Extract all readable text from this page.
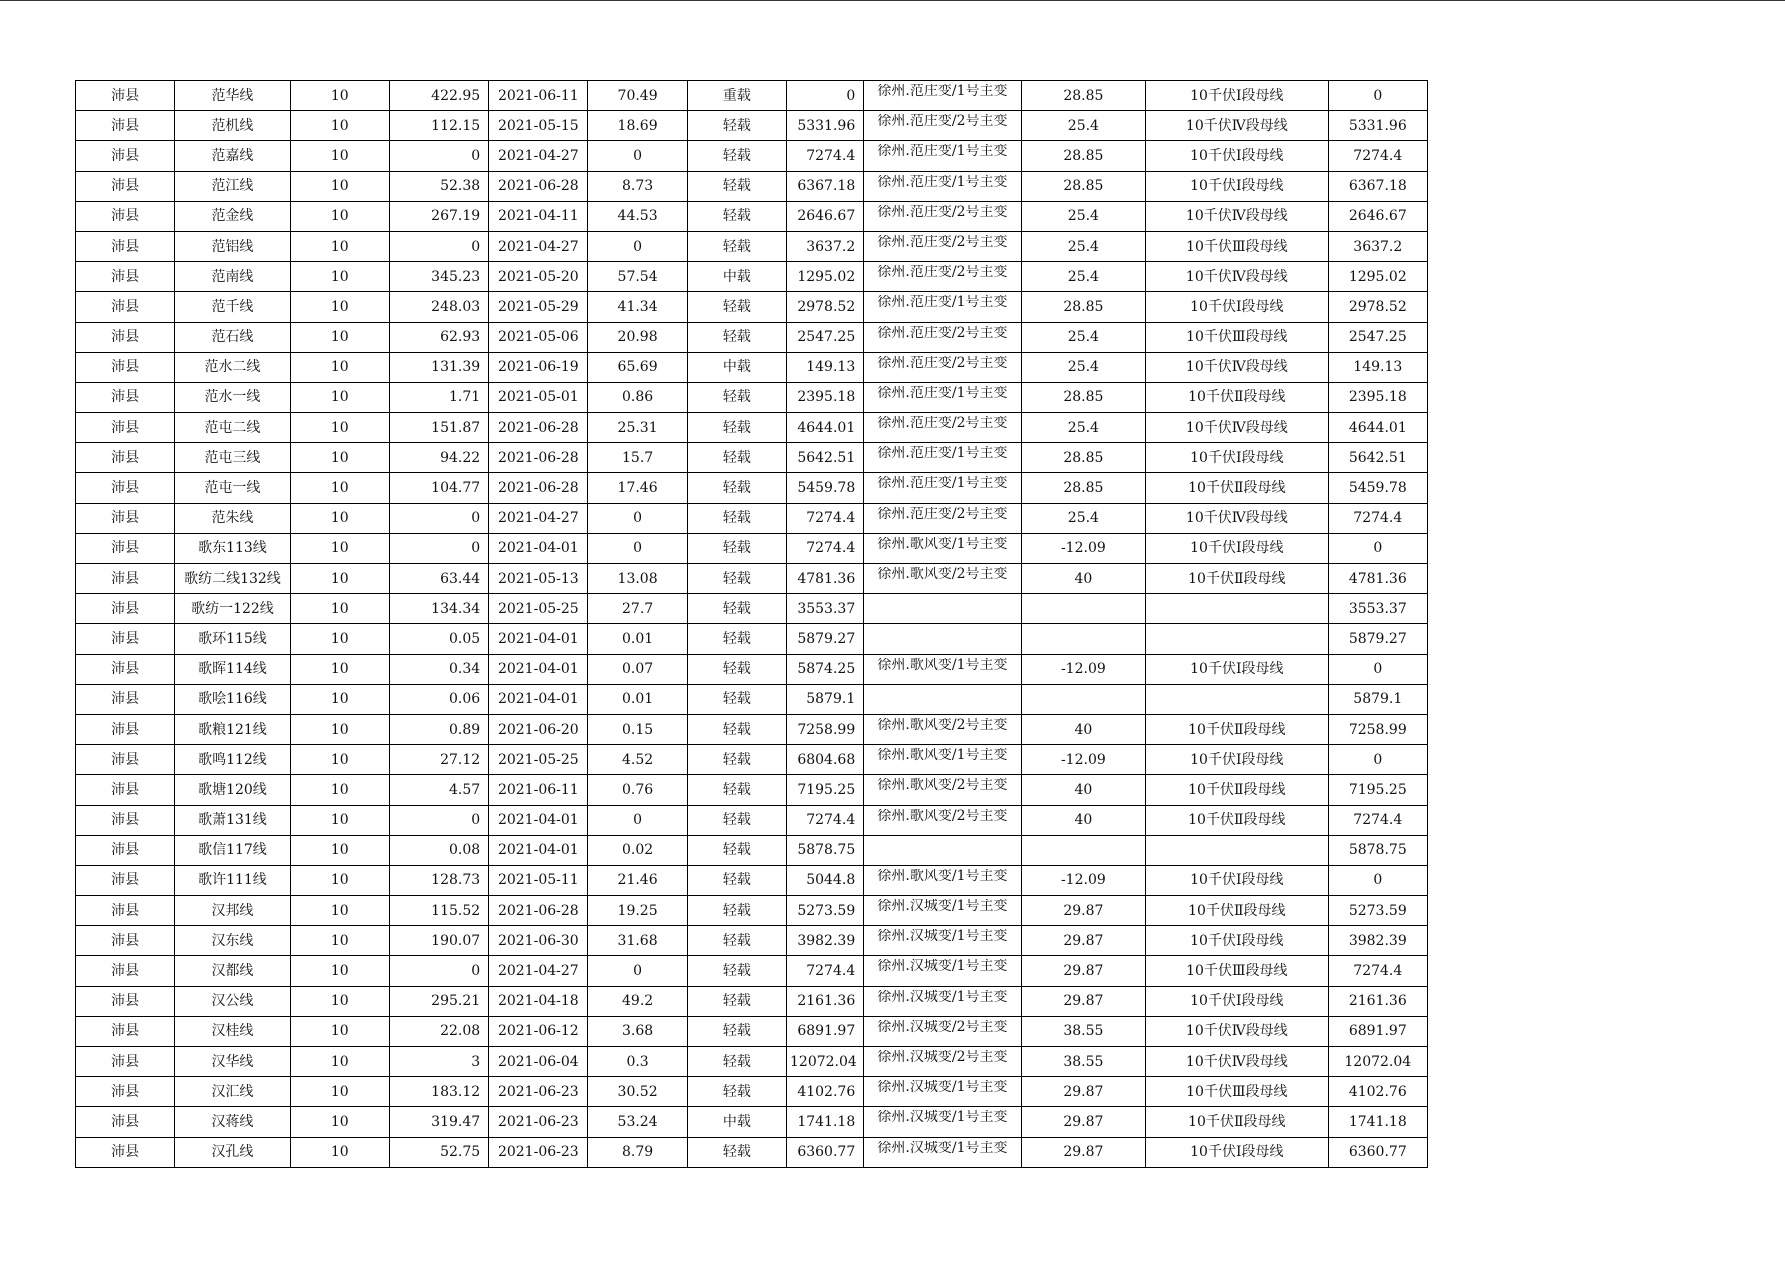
沛县	范华线	10	422.95	2021-06-11	70.49	重载	0	徐州.范庄变/1号主变	28.85	10千伏Ⅰ段母线	0
沛县	范机线	10	112.15	2021-05-15	18.69	轻载	5331.96	徐州.范庄变/2号主变	25.4	10千伏Ⅳ段母线	5331.96
沛县	范嘉线	10	0	2021-04-27	0	轻载	7274.4	徐州.范庄变/1号主变	28.85	10千伏Ⅰ段母线	7274.4
沛县	范江线	10	52.38	2021-06-28	8.73	轻载	6367.18	徐州.范庄变/1号主变	28.85	10千伏Ⅰ段母线	6367.18
沛县	范金线	10	267.19	2021-04-11	44.53	轻载	2646.67	徐州.范庄变/2号主变	25.4	10千伏Ⅳ段母线	2646.67
沛县	范铝线	10	0	2021-04-27	0	轻载	3637.2	徐州.范庄变/2号主变	25.4	10千伏Ⅲ段母线	3637.2
沛县	范南线	10	345.23	2021-05-20	57.54	中载	1295.02	徐州.范庄变/2号主变	25.4	10千伏Ⅳ段母线	1295.02
沛县	范千线	10	248.03	2021-05-29	41.34	轻载	2978.52	徐州.范庄变/1号主变	28.85	10千伏Ⅰ段母线	2978.52
沛县	范石线	10	62.93	2021-05-06	20.98	轻载	2547.25	徐州.范庄变/2号主变	25.4	10千伏Ⅲ段母线	2547.25
沛县	范水二线	10	131.39	2021-06-19	65.69	中载	149.13	徐州.范庄变/2号主变	25.4	10千伏Ⅳ段母线	149.13
沛县	范水一线	10	1.71	2021-05-01	0.86	轻载	2395.18	徐州.范庄变/1号主变	28.85	10千伏Ⅱ段母线	2395.18
沛县	范屯二线	10	151.87	2021-06-28	25.31	轻载	4644.01	徐州.范庄变/2号主变	25.4	10千伏Ⅳ段母线	4644.01
沛县	范屯三线	10	94.22	2021-06-28	15.7	轻载	5642.51	徐州.范庄变/1号主变	28.85	10千伏Ⅰ段母线	5642.51
沛县	范屯一线	10	104.77	2021-06-28	17.46	轻载	5459.78	徐州.范庄变/1号主变	28.85	10千伏Ⅱ段母线	5459.78
沛县	范朱线	10	0	2021-04-27	0	轻载	7274.4	徐州.范庄变/2号主变	25.4	10千伏Ⅳ段母线	7274.4
沛县	歌东113线	10	0	2021-04-01	0	轻载	7274.4	徐州.歌风变/1号主变	-12.09	10千伏Ⅰ段母线	0
沛县	歌纺二线132线	10	63.44	2021-05-13	13.08	轻载	4781.36	徐州.歌风变/2号主变	40	10千伏Ⅱ段母线	4781.36
沛县	歌纺一122线	10	134.34	2021-05-25	27.7	轻载	3553.37				3553.37
沛县	歌环115线	10	0.05	2021-04-01	0.01	轻载	5879.27				5879.27
沛县	歌晖114线	10	0.34	2021-04-01	0.07	轻载	5874.25	徐州.歌风变/1号主变	-12.09	10千伏Ⅰ段母线	0
沛县	歌哙116线	10	0.06	2021-04-01	0.01	轻载	5879.1				5879.1
沛县	歌粮121线	10	0.89	2021-06-20	0.15	轻载	7258.99	徐州.歌风变/2号主变	40	10千伏Ⅱ段母线	7258.99
沛县	歌鸣112线	10	27.12	2021-05-25	4.52	轻载	6804.68	徐州.歌风变/1号主变	-12.09	10千伏Ⅰ段母线	0
沛县	歌塘120线	10	4.57	2021-06-11	0.76	轻载	7195.25	徐州.歌风变/2号主变	40	10千伏Ⅱ段母线	7195.25
沛县	歌萧131线	10	0	2021-04-01	0	轻载	7274.4	徐州.歌风变/2号主变	40	10千伏Ⅱ段母线	7274.4
沛县	歌信117线	10	0.08	2021-04-01	0.02	轻载	5878.75				5878.75
沛县	歌许111线	10	128.73	2021-05-11	21.46	轻载	5044.8	徐州.歌风变/1号主变	-12.09	10千伏Ⅰ段母线	0
沛县	汉邦线	10	115.52	2021-06-28	19.25	轻载	5273.59	徐州.汉城变/1号主变	29.87	10千伏Ⅱ段母线	5273.59
沛县	汉东线	10	190.07	2021-06-30	31.68	轻载	3982.39	徐州.汉城变/1号主变	29.87	10千伏Ⅰ段母线	3982.39
沛县	汉都线	10	0	2021-04-27	0	轻载	7274.4	徐州.汉城变/1号主变	29.87	10千伏Ⅲ段母线	7274.4
沛县	汉公线	10	295.21	2021-04-18	49.2	轻载	2161.36	徐州.汉城变/1号主变	29.87	10千伏Ⅰ段母线	2161.36
沛县	汉桂线	10	22.08	2021-06-12	3.68	轻载	6891.97	徐州.汉城变/2号主变	38.55	10千伏Ⅳ段母线	6891.97
沛县	汉华线	10	3	2021-06-04	0.3	轻载	12072.04	徐州.汉城变/2号主变	38.55	10千伏Ⅳ段母线	12072.04
沛县	汉汇线	10	183.12	2021-06-23	30.52	轻载	4102.76	徐州.汉城变/1号主变	29.87	10千伏Ⅲ段母线	4102.76
沛县	汉蒋线	10	319.47	2021-06-23	53.24	中载	1741.18	徐州.汉城变/1号主变	29.87	10千伏Ⅱ段母线	1741.18
沛县	汉孔线	10	52.75	2021-06-23	8.79	轻载	6360.77	徐州.汉城变/1号主变	29.87	10千伏Ⅰ段母线	6360.77
